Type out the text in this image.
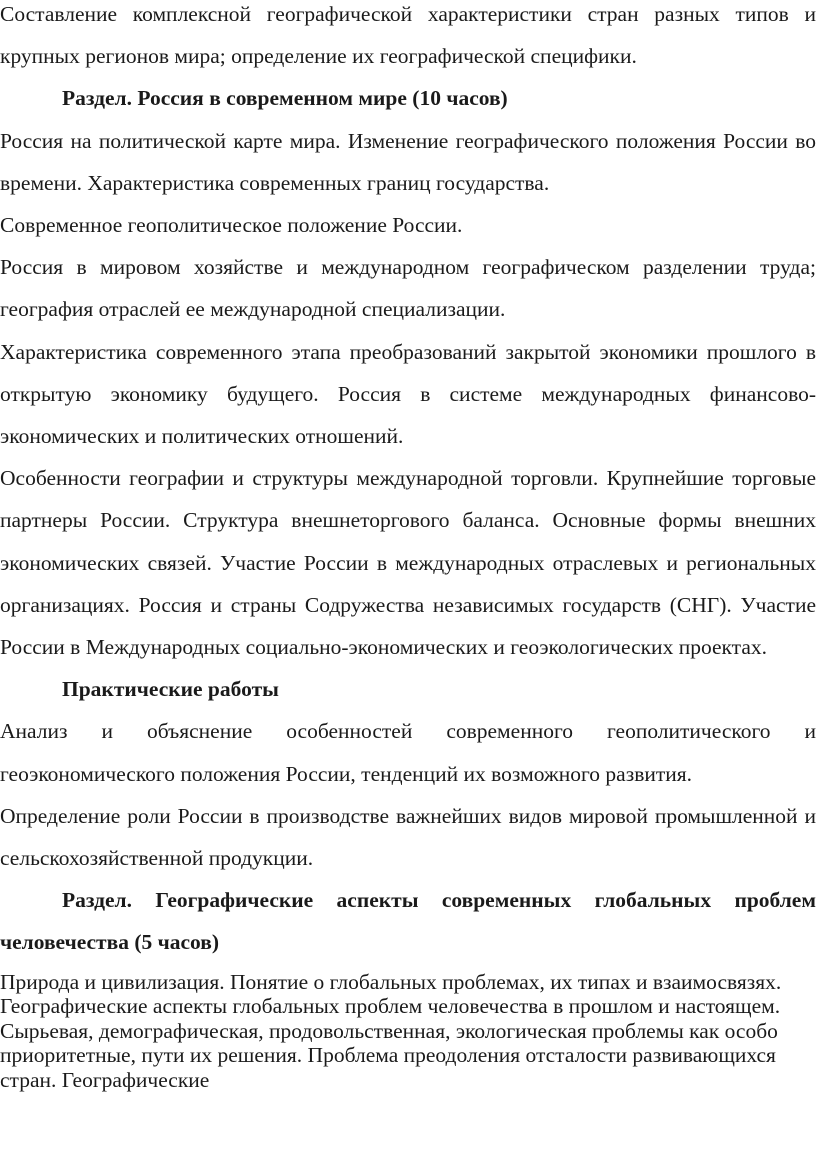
Составление комплексной географической характеристики стран разных типов и крупных регионов мира; определение их географической специфики.

Раздел. Россия в современном мире (10 часов)

Россия на политической карте мира. Изменение географического положения России во времени. Характеристика современных границ государства.

Современное геополитическое положение России.

Россия в мировом хозяйстве и международном географическом разделении труда; география отраслей ее международной специализации.

Характеристика современного этапа преобразований закрытой экономики прошлого в открытую экономику будущего. Россия в системе международных финансово-экономических и политических отношений.

Особенности географии и структуры международной торговли. Крупнейшие торговые партнеры России. Структура внешнеторгового баланса. Основные формы внешних экономических связей. Участие России в международных отраслевых и региональных организациях. Россия и страны Содружества независимых государств (СНГ). Участие России в Международных социально-экономических и геоэкологических проектах.

Практические работы

Анализ и объяснение особенностей современного геополитического и геоэкономического положения России, тенденций их возможного развития.

Определение роли России в производстве важнейших видов мировой промышленной и сельскохозяйственной продукции.

Раздел. Географические аспекты современных глобальных проблем человечества (5 часов)

Природа и цивилизация. Понятие о глобальных проблемах, их типах и взаимосвязях. Географические аспекты глобальных проблем человечества в прошлом и настоящем. Сырьевая, демографическая, продовольственная, экологическая проблемы как особо приоритетные, пути их решения. Проблема преодоления отсталости развивающихся стран. Географические
